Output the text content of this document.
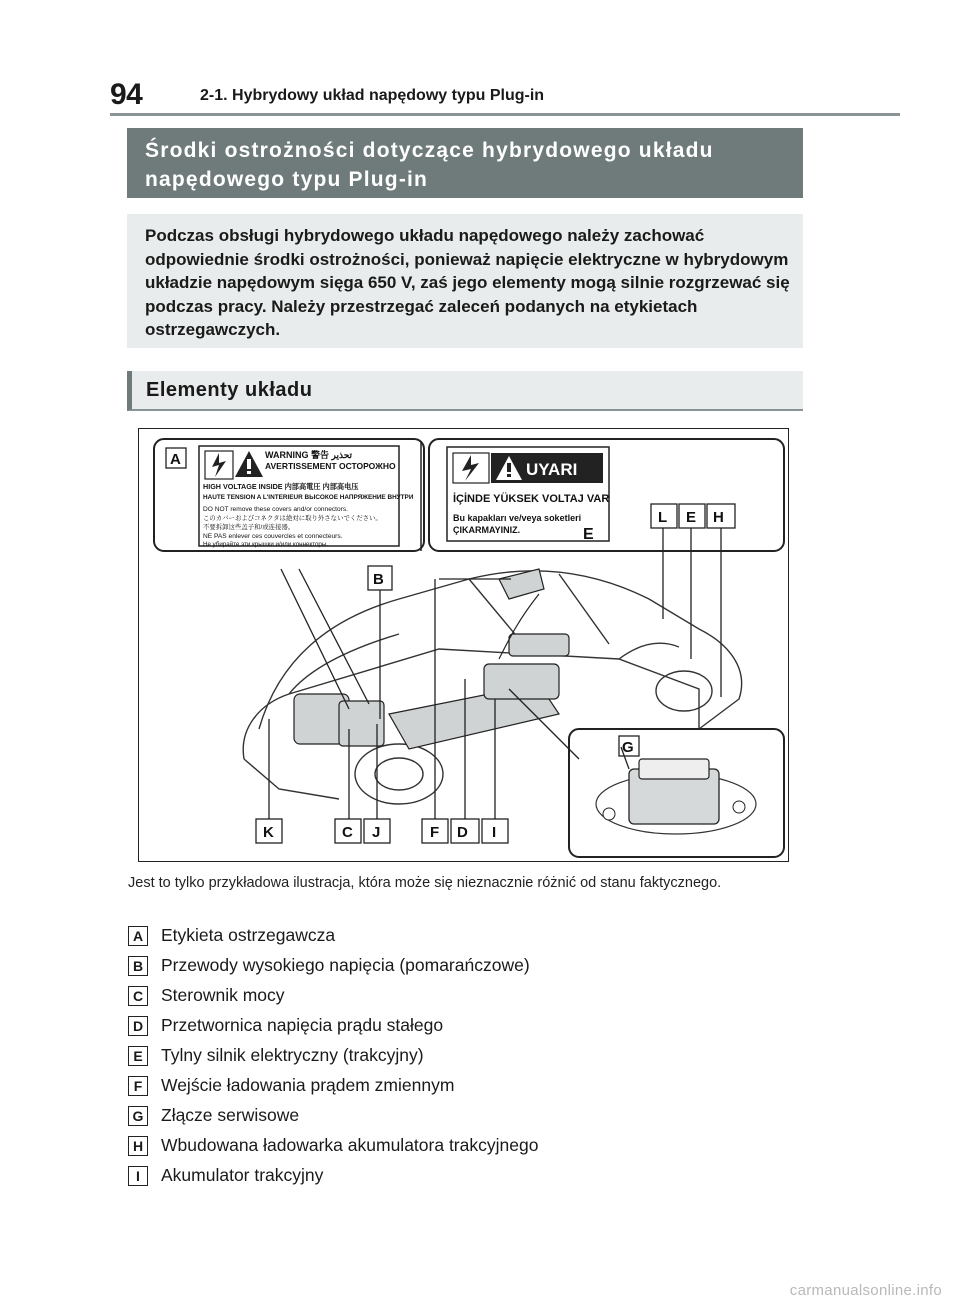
94	2-1. Hybrydowy układ napędowy typu Plug-in
Środki ostrożności dotyczące hybrydowego układu napędowego typu Plug-in

Podczas obsługi hybrydowego układu napędowego należy zachować odpowiednie środki ostrożności, ponieważ napięcie elektryczne w hybrydowym układzie napędowym sięga 650 V, zaś jego elementy mogą silnie rozgrzewać się podczas pracy. Należy przestrzegać zaleceń podanych na etykietach ostrzegawczych.

Elementy układu
WARNING 警告 تحذير
AVERTISSEMENT ОСТОРОЖНО
HIGH VOLTAGE INSIDE 内部高電圧 内部高电压
HAUTE TENSION A L'INTERIEUR ВЫСОКОЕ НАПРЯЖЕНИЕ ВНУТРИ
DO NOT remove these covers and/or connectors.
このカバーおよびコネクタは絶対に取り外さないでください。
不要拆卸这些盖子和/或连接器。
NE PAS enlever ces couvercles et connecteurs.
Не убирайте эти крышки и/или коннекторы.
A
UYARI
İÇİNDE YÜKSEK VOLTAJ VAR
Bu kapakları ve/veya soketleri
ÇIKARMAYINIZ.	E
G
B
L E H
K	C J	F D I

Jest to tylko przykładowa ilustracja, która może się nieznacznie różnić od stanu faktycznego.

A Etykieta ostrzegawcza
B Przewody wysokiego napięcia (pomarańczowe)
C Sterownik mocy
D Przetwornica napięcia prądu stałego
E	Tylny silnik elektryczny (trakcyjny)
F	Wejście ładowania prądem zmiennym
G Złącze serwisowe
H Wbudowana ładowarka akumulatora trakcyjnego
I	Akumulator trakcyjny
carmanualsonline.info
